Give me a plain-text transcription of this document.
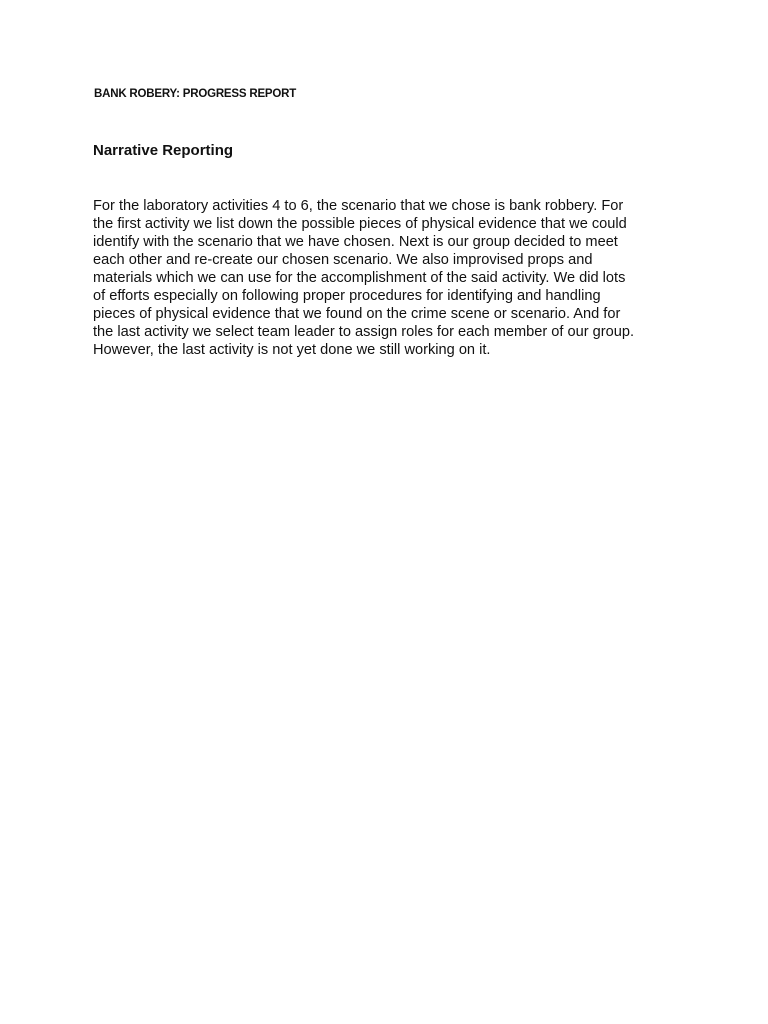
BANK ROBERY: PROGRESS REPORT
Narrative Reporting

For the laboratory activities 4 to 6, the scenario that we chose is bank robbery. For
the first activity we list down the possible pieces of physical evidence that we could
identify with the scenario that we have chosen. Next is our group decided to meet
each other and re-create our chosen scenario. We also improvised props and
materials which we can use for the accomplishment of the said activity. We did lots
of efforts especially on following proper procedures for identifying and handling
pieces of physical evidence that we found on the crime scene or scenario. And for
the last activity we select team leader to assign roles for each member of our group.
However, the last activity is not yet done we still working on it.
